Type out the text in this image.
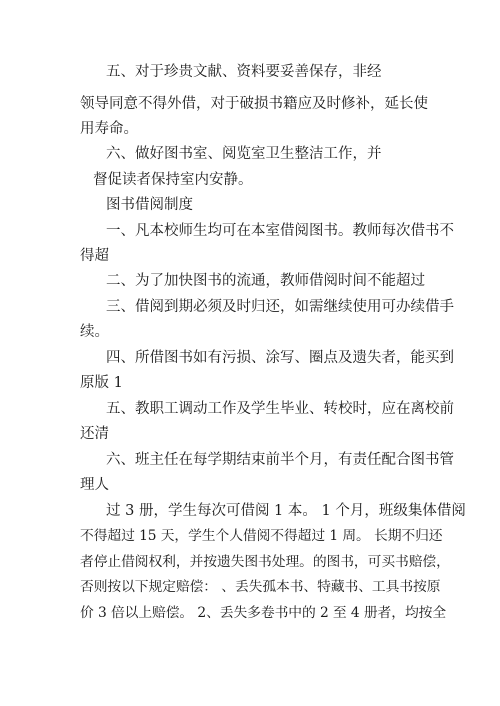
五、对于珍贵文献、资料要妥善保存，非经
领导同意不得外借，对于破损书籍应及时修补，延长使
用寿命。
六、做好图书室、阅览室卫生整洁工作，并
督促读者保持室内安静。
图书借阅制度
一、凡本校师生均可在本室借阅图书。教师每次借书不
得超
二、为了加快图书的流通，教师借阅时间不能超过
三、借阅到期必须及时归还，如需继续使用可办续借手
续。
四、所借图书如有污损、涂写、圈点及遗失者，能买到
原版 1
五、教职工调动工作及学生毕业、转校时，应在离校前
还清
六、班主任在每学期结束前半个月，有责任配合图书管
理人
过 3 册，学生每次可借阅 1 本。 1 个月，班级集体借阅
不得超过 15 天，学生个人借阅不得超过 1 周。 长期不归还
者停止借阅权利，并按遗失图书处理。的图书，可买书赔偿，
否则按以下规定赔偿： 、丢失孤本书、特藏书、工具书按原
价 3 倍以上赔偿。 2、丢失多卷书中的 2 至 4 册者，均按全
